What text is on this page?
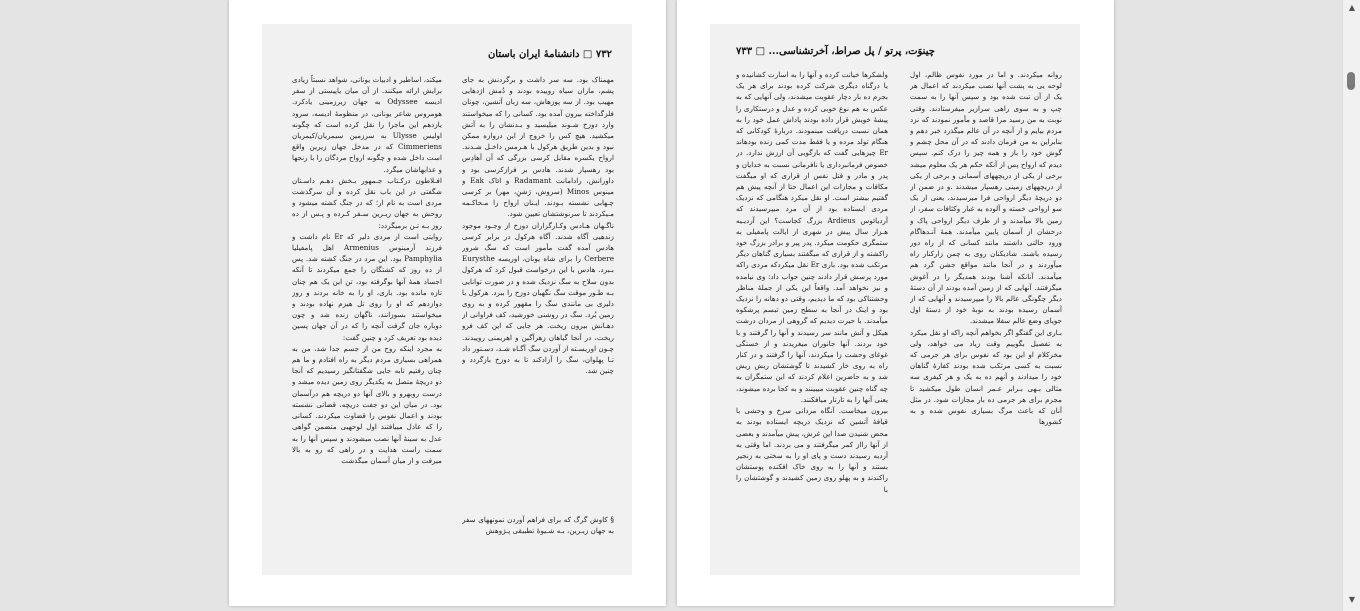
۷۳۲ □ دانشنامهٔ ایران باستان

مهمناک بود. سه سر داشت و برگردنش به جای پشم، ماران سیاه روییده بودند و دُمش اژدهایی مهیب بود. از سه پوزهاش، سه زبان آتشین، چونان فلزگداخته بیرون آمده بود. کسانی را که میخواستند وارد دوزخ شـوند میلیسید و بـدنشان را به آتش میکشید. هیچ کس را خروج از این دروازه ممکن نبود و بدین طریق هرکول با هـرمس داخـل شـدند. ارواح یکسره مقابل کرسی بزرگی که آن آهادِس بود رهسپار شدند. هادس بر فرازکرسی بود و داورانش، رادامانت Radamant و ائاک Eak و مینوس Minos (سروش، رَشنِ، مهر) بر کرسی چـهابی نشسته بـودند. ایـنان ارواح را مـحاکـمه مـیکردند تا سرنوشتشان تعیین شود.

ناگـهان هـادس وکـارگزاران دوزخ از وجـود موجود زندهیی آگاه شدند. آگاه هرکول در برابر کرسی هادس آمده گفت مأمور است که سگ شرور Cerbere را برای شاه یونان، اوریسه Eurysthe بـبرد. هادس با این درخواست قبول کرد که هرکول بدون سلاح به سگ نزدیک شده و در صورت توانایی بـه طـور موقت سگ نگهبان دوزخ را ببرد. هرکول با دلیری بی مانندی سگ را مقهور کرده و به روی زمین بُرد. سگ در روشنی خورشید، کف فراوانی از دهـانش بیرون ریخت. هر جایی که این کف فرو ریخت، در آنجا گیاهان زهرآگین و اهریمنی روییدند. چـون اوریسـته از آوردن سگ آگـاه شـد، دسـتور داد تـا پهلوان، سگ را آزادکند تا به دوزخ بازگردد و چنین شد.

§ کاوش گرگ که برای فراهم آوردن نمونههای سفر به جهان زیـرین، بـه شـیوهٔ تطبیقی پـژوهش

میکند، اساطیر و ادبیات یونانی، شواهد نسبتاً زیادی برایش ارائه میکنند. از آن میان یاپیستی از سفر ادیسه Odyssee به جهان زیرزمینی یادکرد. هومروس شاعر یونانی، در منظومهٔ ادیسه، سرود یازدهم این ماجرا را نقل کرده است که چگونه اولیس Ulysse به سرزمین سیمریان/کیمریان Cimmeriens که در مدخل جهان زیرین واقع است داخل شده و چگونه ارواح مردگان را با رنجها و عذابهاشان میگرد.

افـلاطون درکـتاب جـمهور بـخش دهـم داسـتان شگفتی در این باب نقل کرده و آن سرگذشت مردی است به نام ار؛ که در جنگ کشته میشود و روحش به جهان زیـرین سـفر کـرده و پـس از ده روز بـه تـن برمیگردد:

روایتی است از مردی دلیر که Er نام داشت و فرزند آرمینوس Armenius اهل پامفیلیا Pamphylia بود. این مرد در جنگ کشته شد. پس از ده روز که کشتگان را جمع میکردند تا آنکه اجساد همهٔ آنها بوگرفته بود، تن این یک هم چنان تازه مانده بود. باری، او را به خانه بردند و روز دوازدهم که او را روی تل هیزم نهاده بودند و میخواستند بسوزانند، ناگهان زنده شد و چون دوباره جان گرفت آنچه را که در آن جهان پسین دیده بود تعریف کرد و چنین گفت:

به مجرد اینکه روح من از جسم جدا شد، من به همراهی بسیاری مردم دیگر به راه افتادم و ما هم چنان رفتیم تابه جایی شگفتانگیز رسیدیم که آنجا دو دریچهٔ متصل به یکدیگر روی زمین دیده میشد و درست روبهرو و بالای آنها دو دریچه هم درآسمان بود. در میان این دو جفت دریچه، قضاتی نشسته بودند و اعمال نفوس را قضاوت میکردند. کسانی را که عادل مییافتند اول لوحهیی متضمن گواهی عدل به سینهٔ آنها نصب میشودند و سپس آنها را به سمت راست هدایت و در راهی که رو به بالا میرفت و از میان آسمان میگذشت

چینوَت، پرتو / پل صراط، آخرتشناسی... □ ۷۳۳

روانه میکردند. و اما در مورد نفوس ظالم، اول لوحه یی به پشت آنها نصب میکردند که اعمال هر یک از آن تبت شده بود و سپس آنها را به سمت چپ و به سوی راهی سرازیر میفرستادند. وقتی نوبت به من رسید مرا قاصد و مأمور نمودند که نزد مردم بیایم و از آنچه در آن عالم میگذرد خبر دهم و بنابراین به من فرمان دادند که در آن محل چشم و گوش خود را باز و همه چیز را درک کنم. سپس دیدم که ارواح پس از آنکه حکم هر یک معلوم میشد برخی از یکی از دریچههای آسمانی و برخی از یکی از دریچههای زمینی رهسپار میشدند .و در ضمن از دو دریچهٔ دیگر ارواحی فرا میرسیدند، یعنی از یک سو ارواحی خسته و آلوده به غبار وکثافات سفر، از زمین بالا میآمدند و از طرف دیگر ارواحی پاک و درخشان از آسمان پایین میآمدند. همهٔ آنـدهاگام ورود حالتی داشتند مانند کسانی که از راه دور رسیده باشند. شادیکنان روی به چمن زارکنار راه میآوردند و در آنجا مانند مواقع جشن گرد هم میآمدند. آنانکه آشنا بودند همدیگر را در آغوش میگرفتند. آنهایی که از زمین آمده بودند از آن دستهٔ دیگر چگونگی عالم بالا را میپرسیدند و آنهایی که از آسمان رسیده بودند به نوبهٔ خود از دستهٔ اول جویای وضع عالم سفلا میشدند.

بـاری این گفتگو اگر بخواهم آنچه راکه او نقل میکرد به تفصیل بگوییم وقت زیاد می خواهد، ولی مخرکلام او این بود که نفوس برای هر جرمی که نسبت به کسی مرتکب شده بودند کفارهٔ گناهان خود را میدادند و آنهم ده به یک و هر کیفری سه مثالی بـهی بـرابر عـمر انسان طول میکشید تا مجرم برای هر جرمی ده بار مجازات شود. در مثل آنان که باعث مرگ بسیاری نفوس شده و به کشورها

ولشکرها خیانت کرده و آنها را به اسارت کشانیده و یا درگناه دیگری شرکت کرده بودند برای هر یک بجرم ده بار دچار عقوبت میشدند، ولی آنهایی که به عکس به هم نوع خوبی کرده و عدل و درستکاری را پیشهٔ خویش قرار داده بودند پاداش عمل خود را به همان نسبت دریافت مینمودند. دربارهٔ کودکانی که هنگام تولد مرده و یا فقط مدت کمی زنده بودهاند Er چیزهایی گفت که بازگویی آن ارزش ندارد. در خصوص فرمانبرداری یا نافرمانی نسبت به خدایان و پدر و مادر و قتل نفس از قراری که او میگفت مکافات و مجازات این اعمال حتا از آنچه پیش هم گفتیم بیشتر است. او نقل میکرد هنگامی که نزدیک مردی ایستاده بود از آن مرد میپرسیدند که آردیائوس Ardieus بزرگ کجاست؟ این آردیـیه هـزار سال پیش در شهری از ایالت پامفیلی به ستمگری حکومت میکرد. پدر پیر و برادر بزرگ خود راکشته و از قراری که میگفتند بسیاری گناهان دیگر مرتکب شده بود. باری Er نقل میکردکه مردی راکه مورد پرسش قرار دادند چنین جواب داد: وی نیامده و نیز نخواهد آمد. واقعاً این یکی از جملهٔ مناظر وحشتناکی بود که ما دیدیم، وقتی دو دهانه را نزدیک بود و اینک در آنجا به سطح زمین تبسم پرشکوه میآمدند. با حیرت دیدیم که گروهی از مردان درشت هیکل و آتش مانند سر رسیدند و آنها را گرفتند و با خود بردند. آنها جانوران میغریدند و از خستگی غوغای وحشت زا میکردند، آنها را گرفتند و در کنار راه به روی خار کشیدند تا گوشتشان ریش ریش شد و به حاضرین اعلام کردند که این ستمگران به چه گناه چنین عقوبت میبینند و به کجا برده میشوند، یعنی آنها را به تارتار میافکنند.

بیرون میخاست. آنگاه مردانی سرخ و وحشی با قیافهٔ آتشین که نزدیک دریچه ایستاده بودند به محض شنیدن صدا این غرش، پیش میآمدند و بعضی از آنها رااز کمر میگرفتند و می بردند. اما وقتی به آردیه رسیدند دست و پای او را به سختی به زنجیر بستند و آنها را به روی خاک افکنده پوستشان راکندند و به پهلو روی زمین کشیدند و گوشتشان را با

▲
▼
